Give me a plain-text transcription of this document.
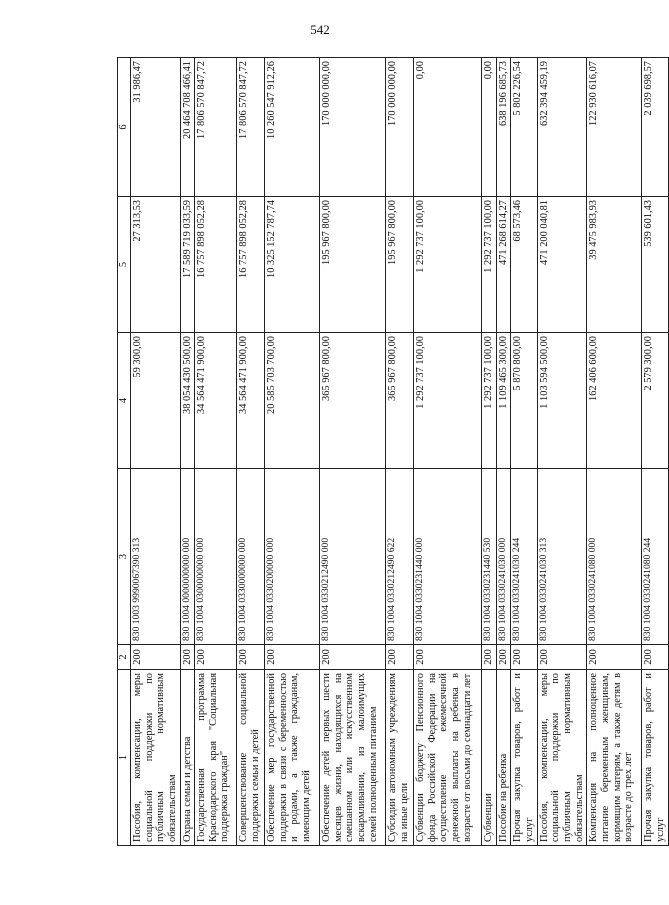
542
1	2	3	4	5	6
Пособия, компенсации, меры социальной поддержки по публичным нормативным обязательствам	200	830 1003 9990067390 313	59 300,00	27 313,53	31 986,47
Охрана семьи и детства	200	830 1004 0000000000 000	38 054 430 500,00	17 589 719 033,59	20 464 708 466,41
Государственная программа Краснодарского края "Социальная поддержка граждан"	200	830 1004 0300000000 000	34 564 471 900,00	16 757 898 052,28	17 806 570 847,72
Совершенствование социальной поддержки семьи и детей	200	830 1004 0330000000 000	34 564 471 900,00	16 757 898 052,28	17 806 570 847,72
Обеспечение мер государственной поддержки в связи с беременностью и родами, а также гражданам, имеющим детей	200	830 1004 0330200000 000	20 585 703 700,00	10 325 152 787,74	10 260 547 912,26
Обеспечение детей первых шести месяцев жизни, находящихся на смешанном или искусственном вскармливании, из малоимущих семей полноценным питанием	200	830 1004 0330212490 000	365 967 800,00	195 967 800,00	170 000 000,00
Субсидии автономным учреждениям на иные цели	200	830 1004 0330212490 622	365 967 800,00	195 967 800,00	170 000 000,00
Субвенции бюджету Пенсионного фонда Российской Федерации на осуществление ежемесячной денежной выплаты на ребенка в возрасте от восьми до семнадцати лет	200	830 1004 0330231440 000	1 292 737 100,00	1 292 737 100,00	0,00
Субвенции	200	830 1004 0330231440 530	1 292 737 100,00	1 292 737 100,00	0,00
Пособие на ребенка	200	830 1004 0330241030 000	1 109 465 300,00	471 268 614,27	638 196 685,73
Прочая закупка товаров, работ и услуг	200	830 1004 0330241030 244	5 870 800,00	68 573,46	5 802 226,54
Пособия, компенсации, меры социальной поддержки по публичным нормативным обязательствам	200	830 1004 0330241030 313	1 103 594 500,00	471 200 040,81	632 394 459,19
Компенсация на полноценное питание беременным женщинам, кормящим матерям, а также детям в возрасте до трех лет	200	830 1004 0330241080 000	162 406 600,00	39 475 983,93	122 930 616,07
Прочая закупка товаров, работ и услуг	200	830 1004 0330241080 244	2 579 300,00	539 601,43	2 039 698,57
